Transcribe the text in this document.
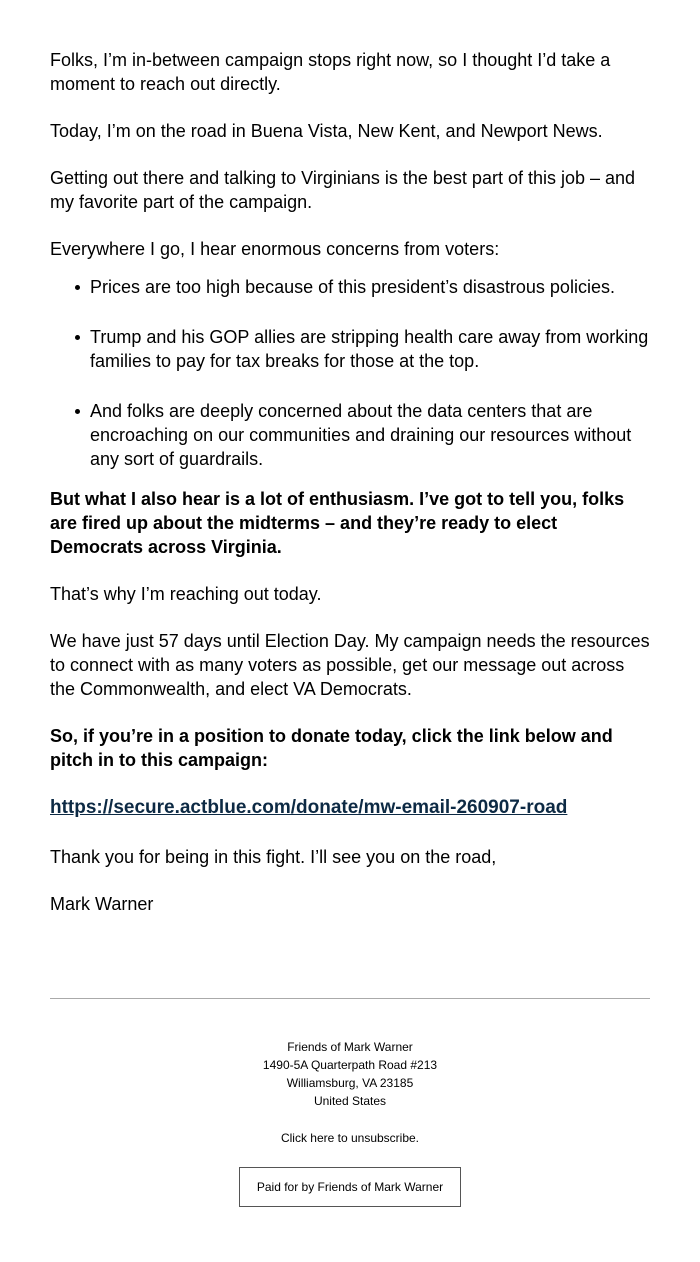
Folks, I’m in-between campaign stops right now, so I thought I’d take a moment to reach out directly.

Today, I’m on the road in Buena Vista, New Kent, and Newport News.

Getting out there and talking to Virginians is the best part of this job – and my favorite part of the campaign.

Everywhere I go, I hear enormous concerns from voters:

Prices are too high because of this president’s disastrous policies.
Trump and his GOP allies are stripping health care away from working families to pay for tax breaks for those at the top.
And folks are deeply concerned about the data centers that are encroaching on our communities and draining our resources without any sort of guardrails.

But what I also hear is a lot of enthusiasm. I’ve got to tell you, folks are fired up about the midterms – and they’re ready to elect Democrats across Virginia.

That’s why I’m reaching out today.

We have just 57 days until Election Day. My campaign needs the resources to connect with as many voters as possible, get our message out across the Commonwealth, and elect VA Democrats.

So, if you’re in a position to donate today, click the link below and pitch in to this campaign:

https://secure.actblue.com/donate/mw-email-260907-road

Thank you for being in this fight. I’ll see you on the road,

Mark Warner

Friends of Mark Warner
1490-5A Quarterpath Road #213
Williamsburg, VA 23185
United States
Click here to unsubscribe.
Paid for by Friends of Mark Warner
